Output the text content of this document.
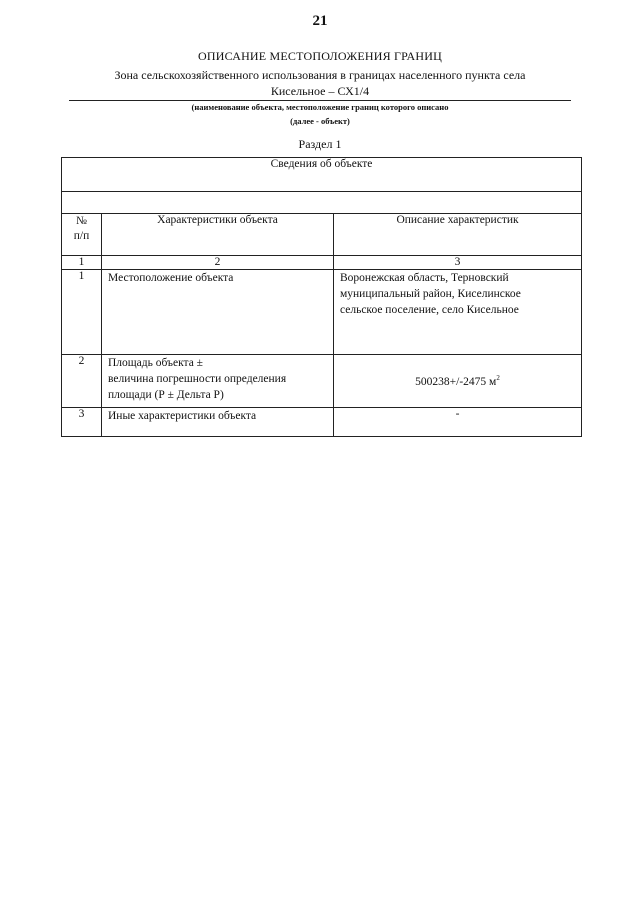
21
ОПИСАНИЕ МЕСТОПОЛОЖЕНИЯ ГРАНИЦ
Зона сельскохозяйственного использования в границах населенного пункта села
Кисельное – СХ1/4
(наименование объекта, местоположение границ которого описано
(далее - объект)
Раздел 1
Сведения об объекте		

№
п/п	Характеристики объекта	Описание характеристик
1	2	3
1	Местоположение объекта	Воронежская область, Терновский
муниципальный район, Киселинское
сельское поселение, село Кисельное

2	Площадь объекта ±
величина погрешности определения
площади (Р ± Дельта Р)	500238+/-2475 $м^2$
3	Иные характеристики объекта	-
